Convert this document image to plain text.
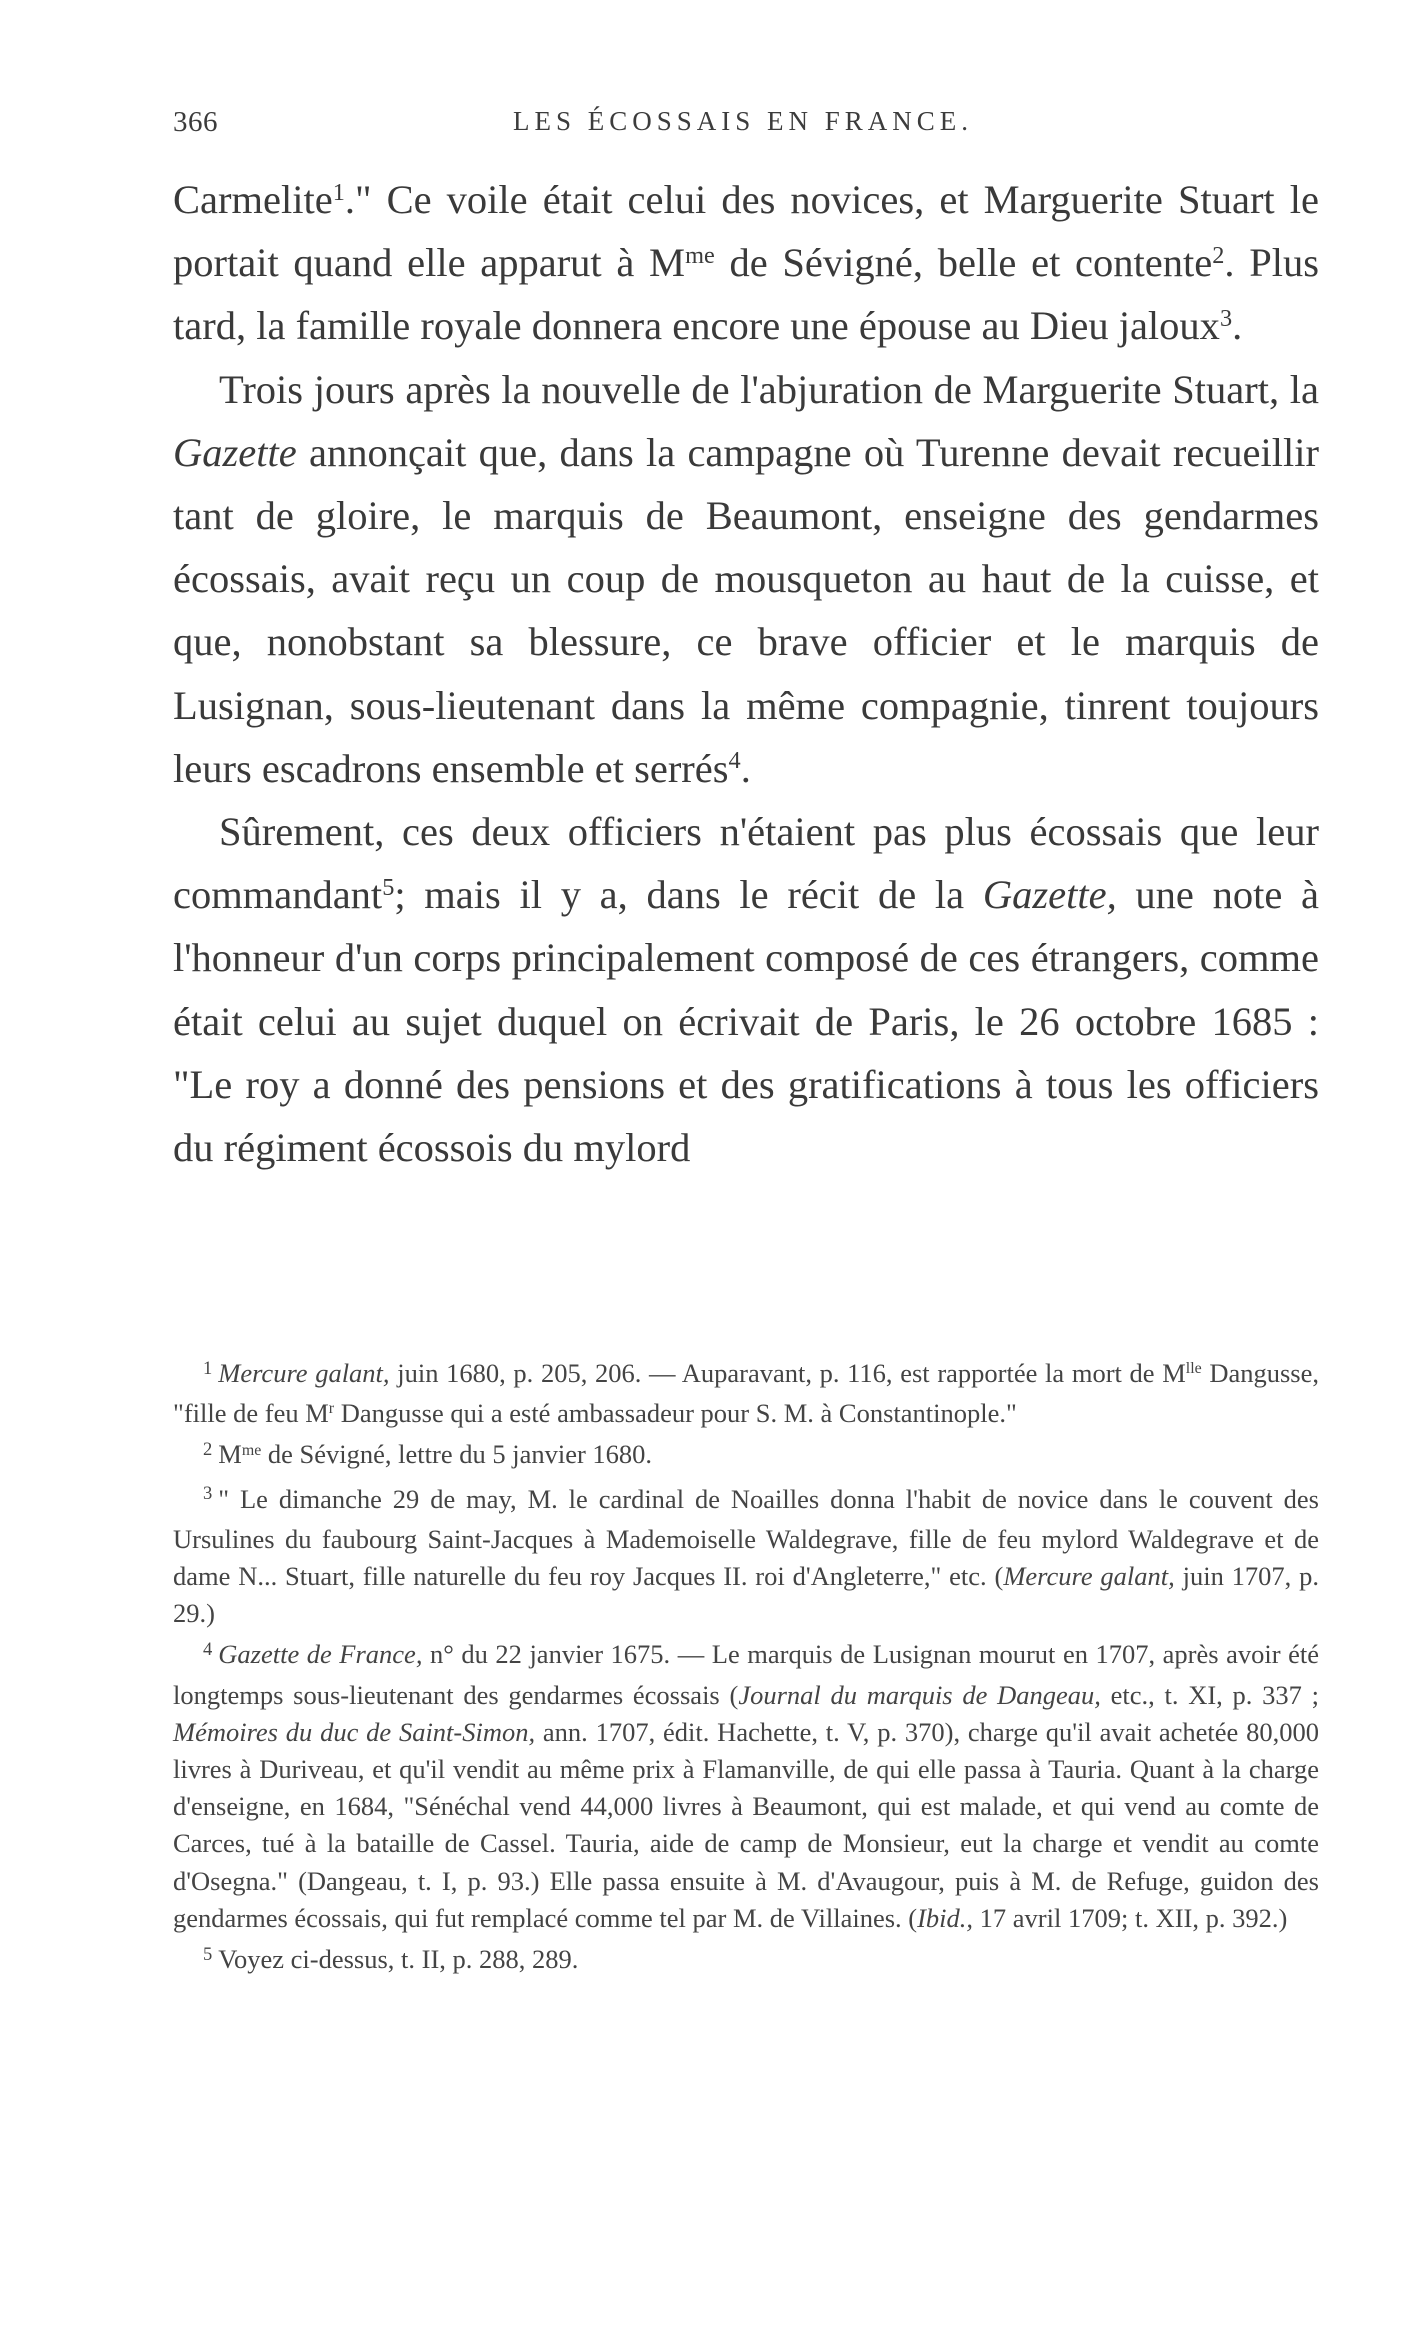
366	LES ÉCOSSAIS EN FRANCE.

Carmelite$^1$." Ce voile était celui des novices, et Marguerite Stuart le portait quand elle apparut à $M^{me}$ de Sévigné, belle et contente$^2$. Plus tard, la famille royale donnera encore une épouse au Dieu jaloux$^3$.

Trois jours après la nouvelle de l'abjuration de Marguerite Stuart, la Gazette annonçait que, dans la campagne où Turenne devait recueillir tant de gloire, le marquis de Beaumont, enseigne des gendarmes écossais, avait reçu un coup de mousqueton au haut de la cuisse, et que, nonobstant sa blessure, ce brave officier et le marquis de Lusignan, sous-lieutenant dans la même compagnie, tinrent toujours leurs escadrons ensemble et serrés$^4$.

Sûrement, ces deux officiers n'étaient pas plus écossais que leur commandant$^5$; mais il y a, dans le récit de la Gazette, une note à l'honneur d'un corps principalement composé de ces étrangers, comme était celui au sujet duquel on écrivait de Paris, le 26 octobre 1685 : "Le roy a donné des pensions et des gratifications à tous les officiers du régiment écossois du mylord

$^1$ Mercure galant, juin 1680, p. 205, 206. — Auparavant, p. 116, est rapportée la mort de $M^{lle}$ Dangusse, "fille de feu $M^r$ Dangusse qui a esté ambassadeur pour S. M. à Constantinople."

$^2$ $M^{me}$ de Sévigné, lettre du 5 janvier 1680.

$^3$ " Le dimanche 29 de may, M. le cardinal de Noailles donna l'habit de novice dans le couvent des Ursulines du faubourg Saint-Jacques à Mademoiselle Waldegrave, fille de feu mylord Waldegrave et de dame N... Stuart, fille naturelle du feu roy Jacques II. roi d'Angleterre," etc. (Mercure galant, juin 1707, p. 29.)

$^4$ Gazette de France, n° du 22 janvier 1675. — Le marquis de Lusignan mourut en 1707, après avoir été longtemps sous-lieutenant des gendarmes écossais (Journal du marquis de Dangeau, etc., t. XI, p. 337 ; Mémoires du duc de Saint-Simon, ann. 1707, édit. Hachette, t. V, p. 370), charge qu'il avait achetée 80,000 livres à Duriveau, et qu'il vendit au même prix à Flamanville, de qui elle passa à Tauria. Quant à la charge d'enseigne, en 1684, "Sénéchal vend 44,000 livres à Beaumont, qui est malade, et qui vend au comte de Carces, tué à la bataille de Cassel. Tauria, aide de camp de Monsieur, eut la charge et vendit au comte d'Osegna." (Dangeau, t. I, p. 93.) Elle passa ensuite à M. d'Avaugour, puis à M. de Refuge, guidon des gendarmes écossais, qui fut remplacé comme tel par M. de Villaines. (Ibid., 17 avril 1709; t. XII, p. 392.)

$^5$ Voyez ci-dessus, t. II, p. 288, 289.
